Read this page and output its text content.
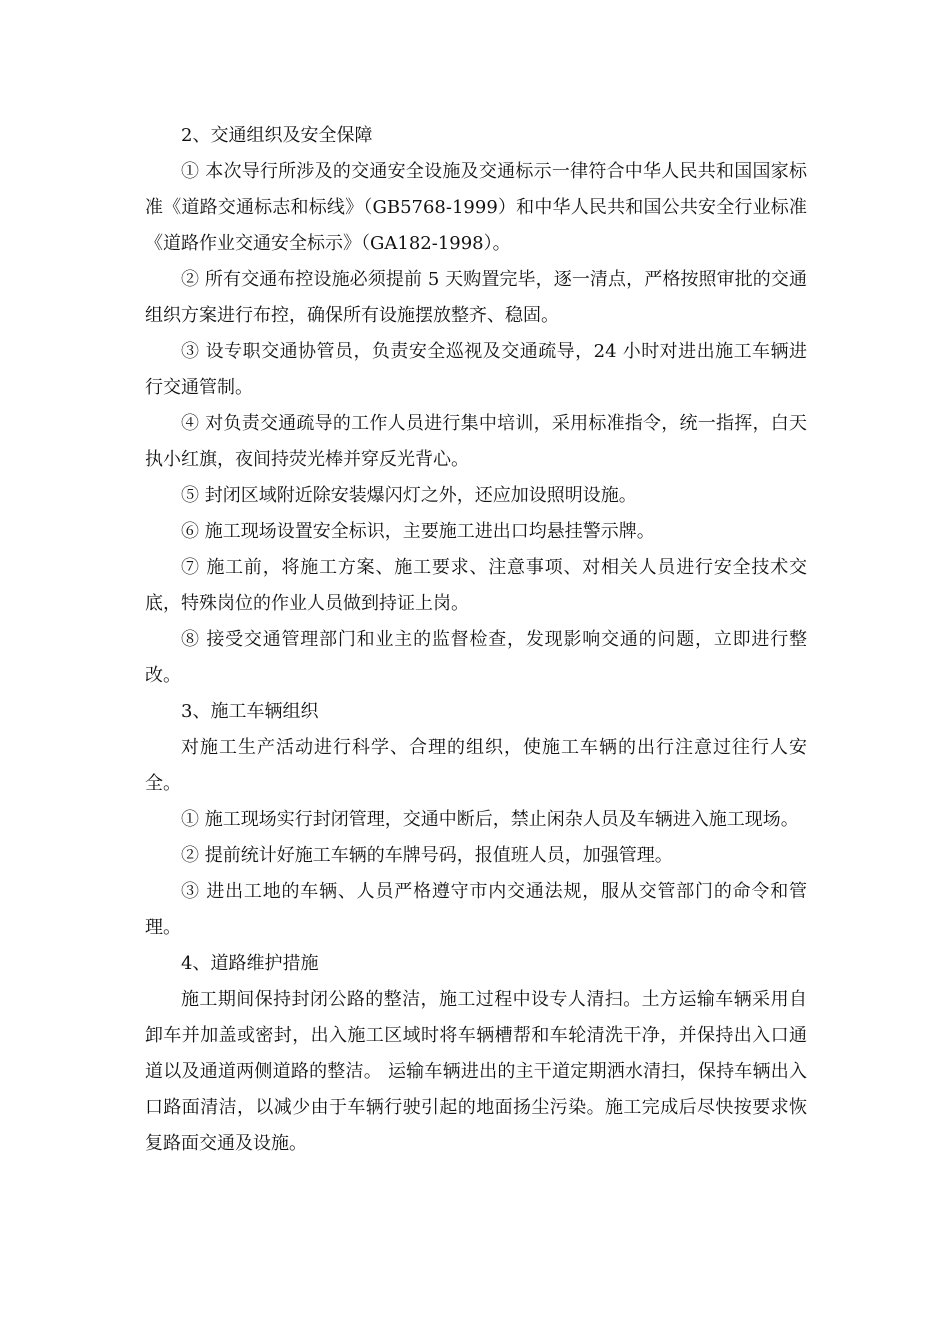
2、交通组织及安全保障

① 本次导行所涉及的交通安全设施及交通标示一律符合中华人民共和国国家标准《道路交通标志和标线》（GB5768-1999）和中华人民共和国公共安全行业标准《道路作业交通安全标示》（GA182-1998）。

② 所有交通布控设施必须提前 5 天购置完毕，逐一清点，严格按照审批的交通组织方案进行布控，确保所有设施摆放整齐、稳固。

③ 设专职交通协管员，负责安全巡视及交通疏导，24 小时对进出施工车辆进行交通管制。

④ 对负责交通疏导的工作人员进行集中培训，采用标准指令，统一指挥，白天执小红旗，夜间持荧光棒并穿反光背心。

⑤ 封闭区域附近除安装爆闪灯之外，还应加设照明设施。

⑥ 施工现场设置安全标识，主要施工进出口均悬挂警示牌。

⑦ 施工前，将施工方案、施工要求、注意事项、对相关人员进行安全技术交底，特殊岗位的作业人员做到持证上岗。

⑧ 接受交通管理部门和业主的监督检查，发现影响交通的问题，立即进行整改。

3、施工车辆组织

对施工生产活动进行科学、合理的组织，使施工车辆的出行注意过往行人安全。

① 施工现场实行封闭管理，交通中断后，禁止闲杂人员及车辆进入施工现场。

② 提前统计好施工车辆的车牌号码，报值班人员，加强管理。

③ 进出工地的车辆、人员严格遵守市内交通法规，服从交管部门的命令和管理。

4、道路维护措施

施工期间保持封闭公路的整洁，施工过程中设专人清扫。土方运输车辆采用自卸车并加盖或密封，出入施工区域时将车辆槽帮和车轮清洗干净，并保持出入口通道以及通道两侧道路的整洁。 运输车辆进出的主干道定期洒水清扫，保持车辆出入口路面清洁，以减少由于车辆行驶引起的地面扬尘污染。施工完成后尽快按要求恢复路面交通及设施。
